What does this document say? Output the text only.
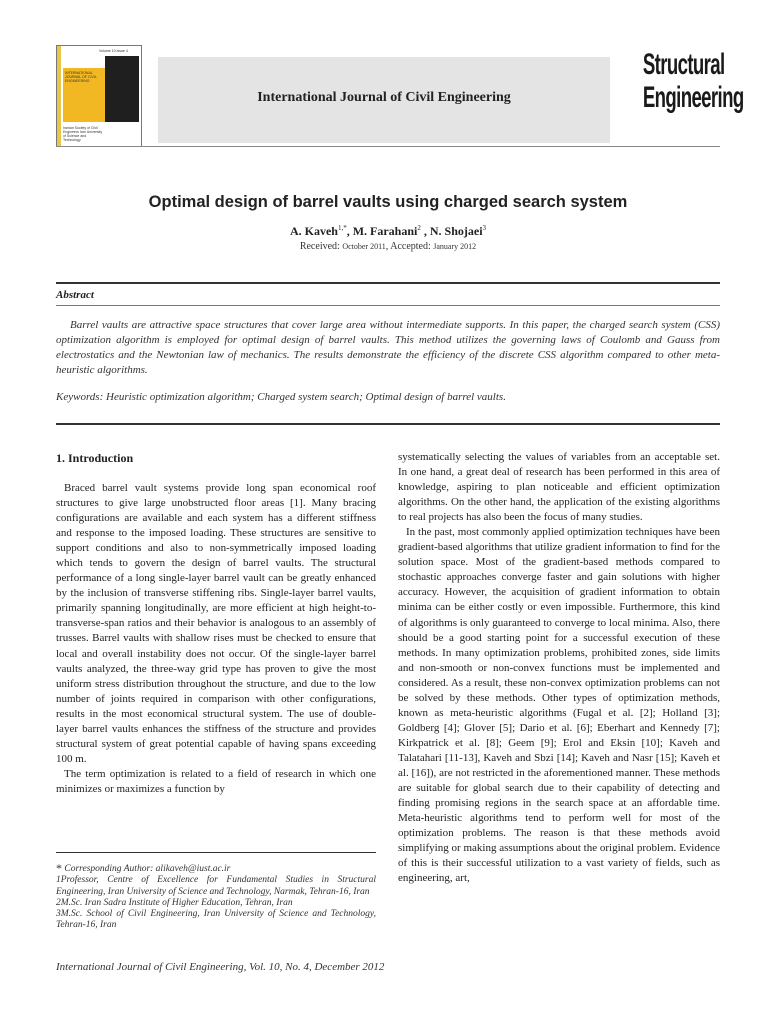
Volume 10 Issue 4
INTERNATIONAL JOURNAL OF CIVIL ENGINEERING
Iranian Society of Civil Engineers Iran University of Science and Technology
International Journal of Civil Engineering
Structural
Engineering
Optimal design of barrel vaults using charged search system
A. Kaveh$^{1,*}$, M. Farahani$^2$ , N. Shojaei$^3$
Received: October 2011, Accepted: January 2012
Abstract
Barrel vaults are attractive space structures that cover large area without intermediate supports. In this paper, the charged search system (CSS) optimization algorithm is employed for optimal design of barrel vaults. This method utilizes the governing laws of Coulomb and Gauss from electrostatics and the Newtonian law of mechanics. The results demonstrate the efficiency of the discrete CSS algorithm compared to other meta-heuristic algorithms.
Keywords: Heuristic optimization algorithm; Charged system search; Optimal design of barrel vaults.
1. Introduction

Braced barrel vault systems provide long span economical roof structures to give large unobstructed floor areas [1]. Many bracing configurations are available and each system has a different stiffness and response to the imposed loading. These structures are sensitive to support conditions and also to non-symmetrically imposed loading which tends to govern the design of barrel vaults. The structural performance of a long single-layer barrel vault can be greatly enhanced by the inclusion of transverse stiffening ribs. Single-layer barrel vaults, primarily spanning longitudinally, are more efficient at high height-to-transverse-span ratios and their behavior is analogous to an assembly of trusses. Barrel vaults with shallow rises must be checked to ensure that local and overall instability does not occur. Of the single-layer barrel vaults analyzed, the three-way grid type has proven to give the most uniform stress distribution throughout the structure, and due to the low number of joints required in comparison with other configurations, results in the most economical structural system. The use of double-layer barrel vaults enhances the stiffness of the structure and provides structural system of great potential capable of having spans exceeding 100 m.

The term optimization is related to a field of research in which one minimizes or maximizes a function by

systematically selecting the values of variables from an acceptable set. In one hand, a great deal of research has been performed in this area of knowledge, aspiring to plan noticeable and efficient optimization algorithms. On the other hand, the application of the existing algorithms to real projects has also been the focus of many studies.

In the past, most commonly applied optimization techniques have been gradient-based algorithms that utilize gradient information to find for the solution space. Most of the gradient-based methods compared to stochastic approaches converge faster and gain solutions with higher accuracy. However, the acquisition of gradient information to obtain minima can be either costly or even impossible. Furthermore, this kind of algorithms is only guaranteed to converge to local minima. Also, there should be a good starting point for a successful execution of these methods. In many optimization problems, prohibited zones, side limits and non-smooth or non-convex functions must be implemented and considered. As a result, these non-convex optimization problems can not be solved by these methods. Other types of optimization methods, known as meta-heuristic algorithms (Fugal et al. [2]; Holland [3]; Goldberg [4]; Glover [5]; Dario et al. [6]; Eberhart and Kennedy [7]; Kirkpatrick et al. [8]; Geem [9]; Erol and Eksin [10]; Kaveh and Talatahari [11-13], Kaveh and Sbzi [14]; Kaveh and Nasr [15]; Kaveh et al. [16]), are not restricted in the aforementioned manner. These methods are suitable for global search due to their capability of detecting and finding promising regions in the search space at an affordable time. Meta-heuristic algorithms tend to perform well for most of the optimization problems. The reason is that these methods avoid simplifying or making assumptions about the original problem. Evidence of this is their successful utilization to a vast variety of fields, such as engineering, art,

* Corresponding Author: alikaveh@iust.ac.ir

1Professor, Centre of Excellence for Fundamental Studies in Structural Engineering, Iran University of Science and Technology, Narmak, Tehran-16, Iran

2M.Sc. Iran Sadra Institute of Higher Education, Tehran, Iran

3M.Sc. School of Civil Engineering, Iran University of Science and Technology, Tehran-16, Iran

International Journal of Civil Engineering, Vol. 10, No. 4, December 2012
